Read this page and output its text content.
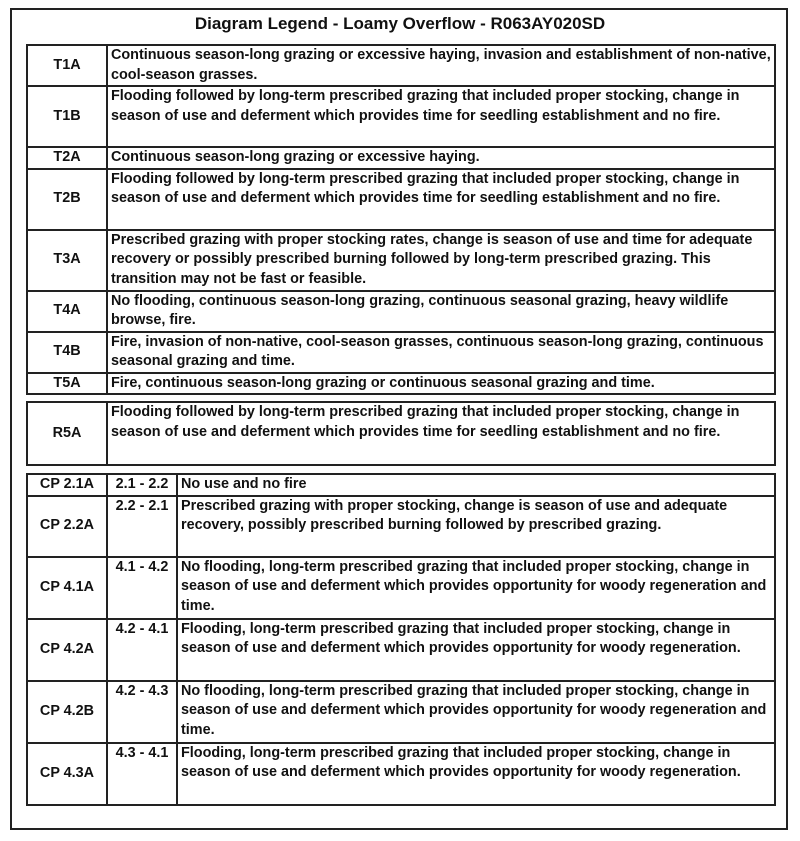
Diagram Legend - Loamy Overflow - R063AY020SD
T1A	Continuous season-long grazing or excessive haying, invasion and establishment of non-native, cool-season grasses.
T1B	Flooding followed by long-term prescribed grazing that included proper stocking, change in season of use and deferment which provides time for seedling establishment and no fire.
T2A	Continuous season-long grazing or excessive haying.
T2B	Flooding followed by long-term prescribed grazing that included proper stocking, change in season of use and deferment which provides time for seedling establishment and no fire.
T3A	Prescribed grazing with proper stocking rates, change is season of use and time for adequate recovery or possibly prescribed burning followed by long-term prescribed grazing. This transition may not be fast or feasible.
T4A	No flooding, continuous season-long grazing, continuous seasonal grazing, heavy wildlife browse, fire.
T4B	Fire, invasion of non-native, cool-season grasses, continuous season-long grazing, continuous seasonal grazing and time.
T5A	Fire, continuous season-long grazing or continuous seasonal grazing and time.
R5A	Flooding followed by long-term prescribed grazing that included proper stocking, change in season of use and deferment which provides time for seedling establishment and no fire.
CP 2.1A	2.1 - 2.2	No use and no fire
CP 2.2A	2.2 - 2.1	Prescribed grazing with proper stocking, change is season of use and adequate recovery, possibly prescribed burning followed by prescribed grazing.
CP 4.1A	4.1 - 4.2	No flooding, long-term prescribed grazing that included proper stocking, change in season of use and deferment which provides opportunity for woody regeneration and time.
CP 4.2A	4.2 - 4.1	Flooding, long-term prescribed grazing that included proper stocking, change in season of use and deferment which provides opportunity for woody regeneration.
CP 4.2B	4.2 - 4.3	No flooding, long-term prescribed grazing that included proper stocking, change in season of use and deferment which provides opportunity for woody regeneration and time.
CP 4.3A	4.3 - 4.1	Flooding, long-term prescribed grazing that included proper stocking, change in season of use and deferment which provides opportunity for woody regeneration.
